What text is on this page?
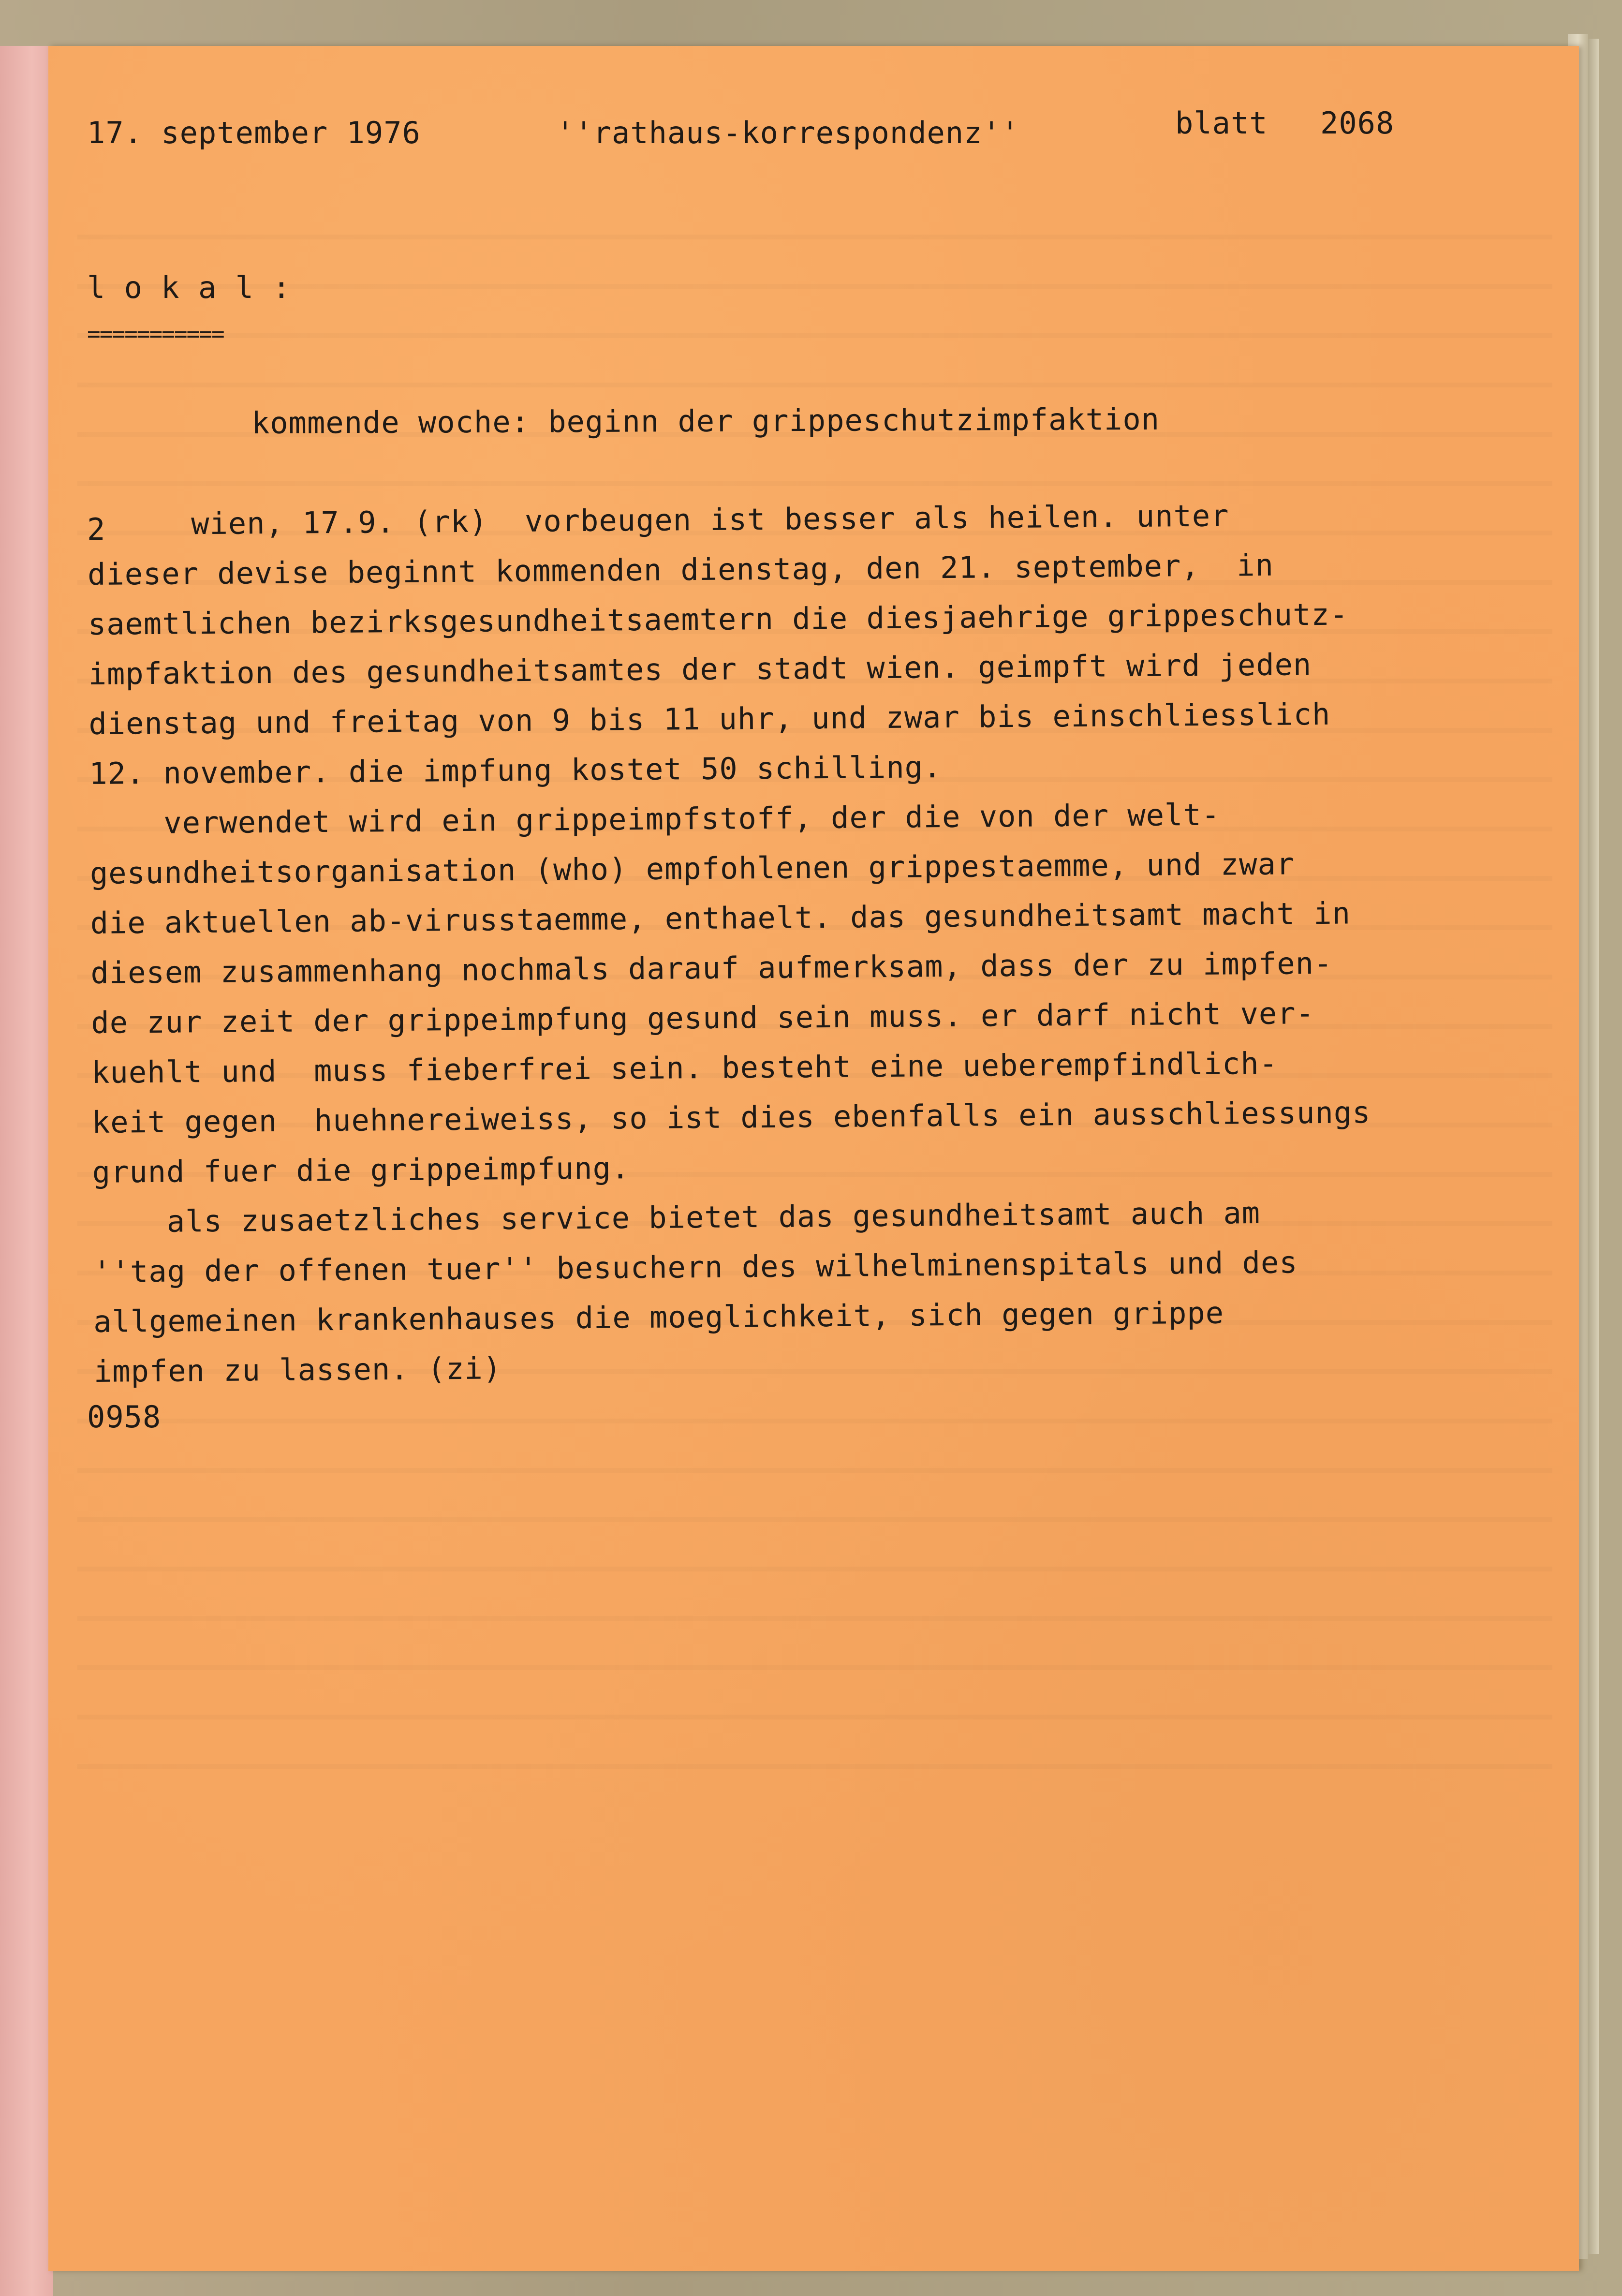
17. september 1976	''rathaus-korrespondenz''	blatt 2068
l o k a l :
===========
kommende woche: beginn der grippeschutzimpfaktion
2	wien, 17.9. (rk)  vorbeugen ist besser als heilen. unter
dieser devise beginnt kommenden dienstag, den 21. september,  in
saemtlichen bezirksgesundheitsaemtern die diesjaehrige grippeschutz-
impfaktion des gesundheitsamtes der stadt wien. geimpft wird jeden
dienstag und freitag von 9 bis 11 uhr, und zwar bis einschliesslich
12. november. die impfung kostet 50 schilling.
verwendet wird ein grippeimpfstoff, der die von der welt-
gesundheitsorganisation (who) empfohlenen grippestaemme, und zwar
die aktuellen ab-virusstaemme, enthaelt. das gesundheitsamt macht in
diesem zusammenhang nochmals darauf aufmerksam, dass der zu impfen-
de zur zeit der grippeimpfung gesund sein muss. er darf nicht ver-
kuehlt und  muss fieberfrei sein. besteht eine ueberempfindlich-
keit gegen  huehnereiweiss, so ist dies ebenfalls ein ausschliessungs
grund fuer die grippeimpfung.
als zusaetzliches service bietet das gesundheitsamt auch am
''tag der offenen tuer'' besuchern des wilhelminenspitals und des
allgemeinen krankenhauses die moeglichkeit, sich gegen grippe
impfen zu lassen. (zi)
0958
